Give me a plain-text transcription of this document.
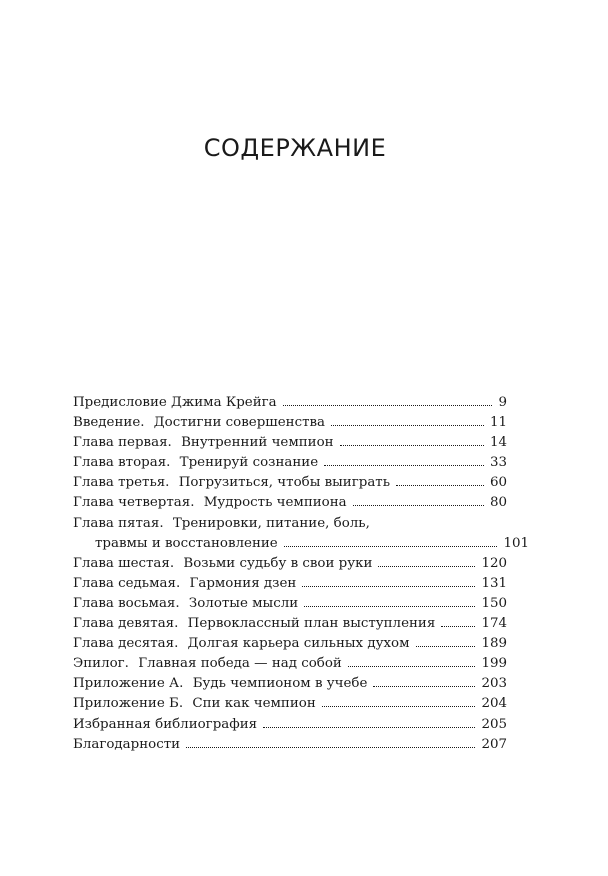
СОДЕРЖАНИЕ
Предисловие Джима Крейга	9
Введение. Достигни совершенства	11
Глава первая. Внутренний чемпион	14
Глава вторая. Тренируй сознание	33
Глава третья. Погрузиться, чтобы выиграть	60
Глава четвертая. Мудрость чемпиона	80
Глава пятая. Тренировки, питание, боль,
травмы и восстановление	101
Глава шестая. Возьми судьбу в свои руки	120
Глава седьмая. Гармония дзен	131
Глава восьмая. Золотые мысли	150
Глава девятая. Первоклассный план выступления	174
Глава десятая. Долгая карьера сильных духом	189
Эпилог. Главная победа — над собой	199
Приложение А. Будь чемпионом в учебе	203
Приложение Б. Спи как чемпион	204
Избранная библиография	205
Благодарности	207
